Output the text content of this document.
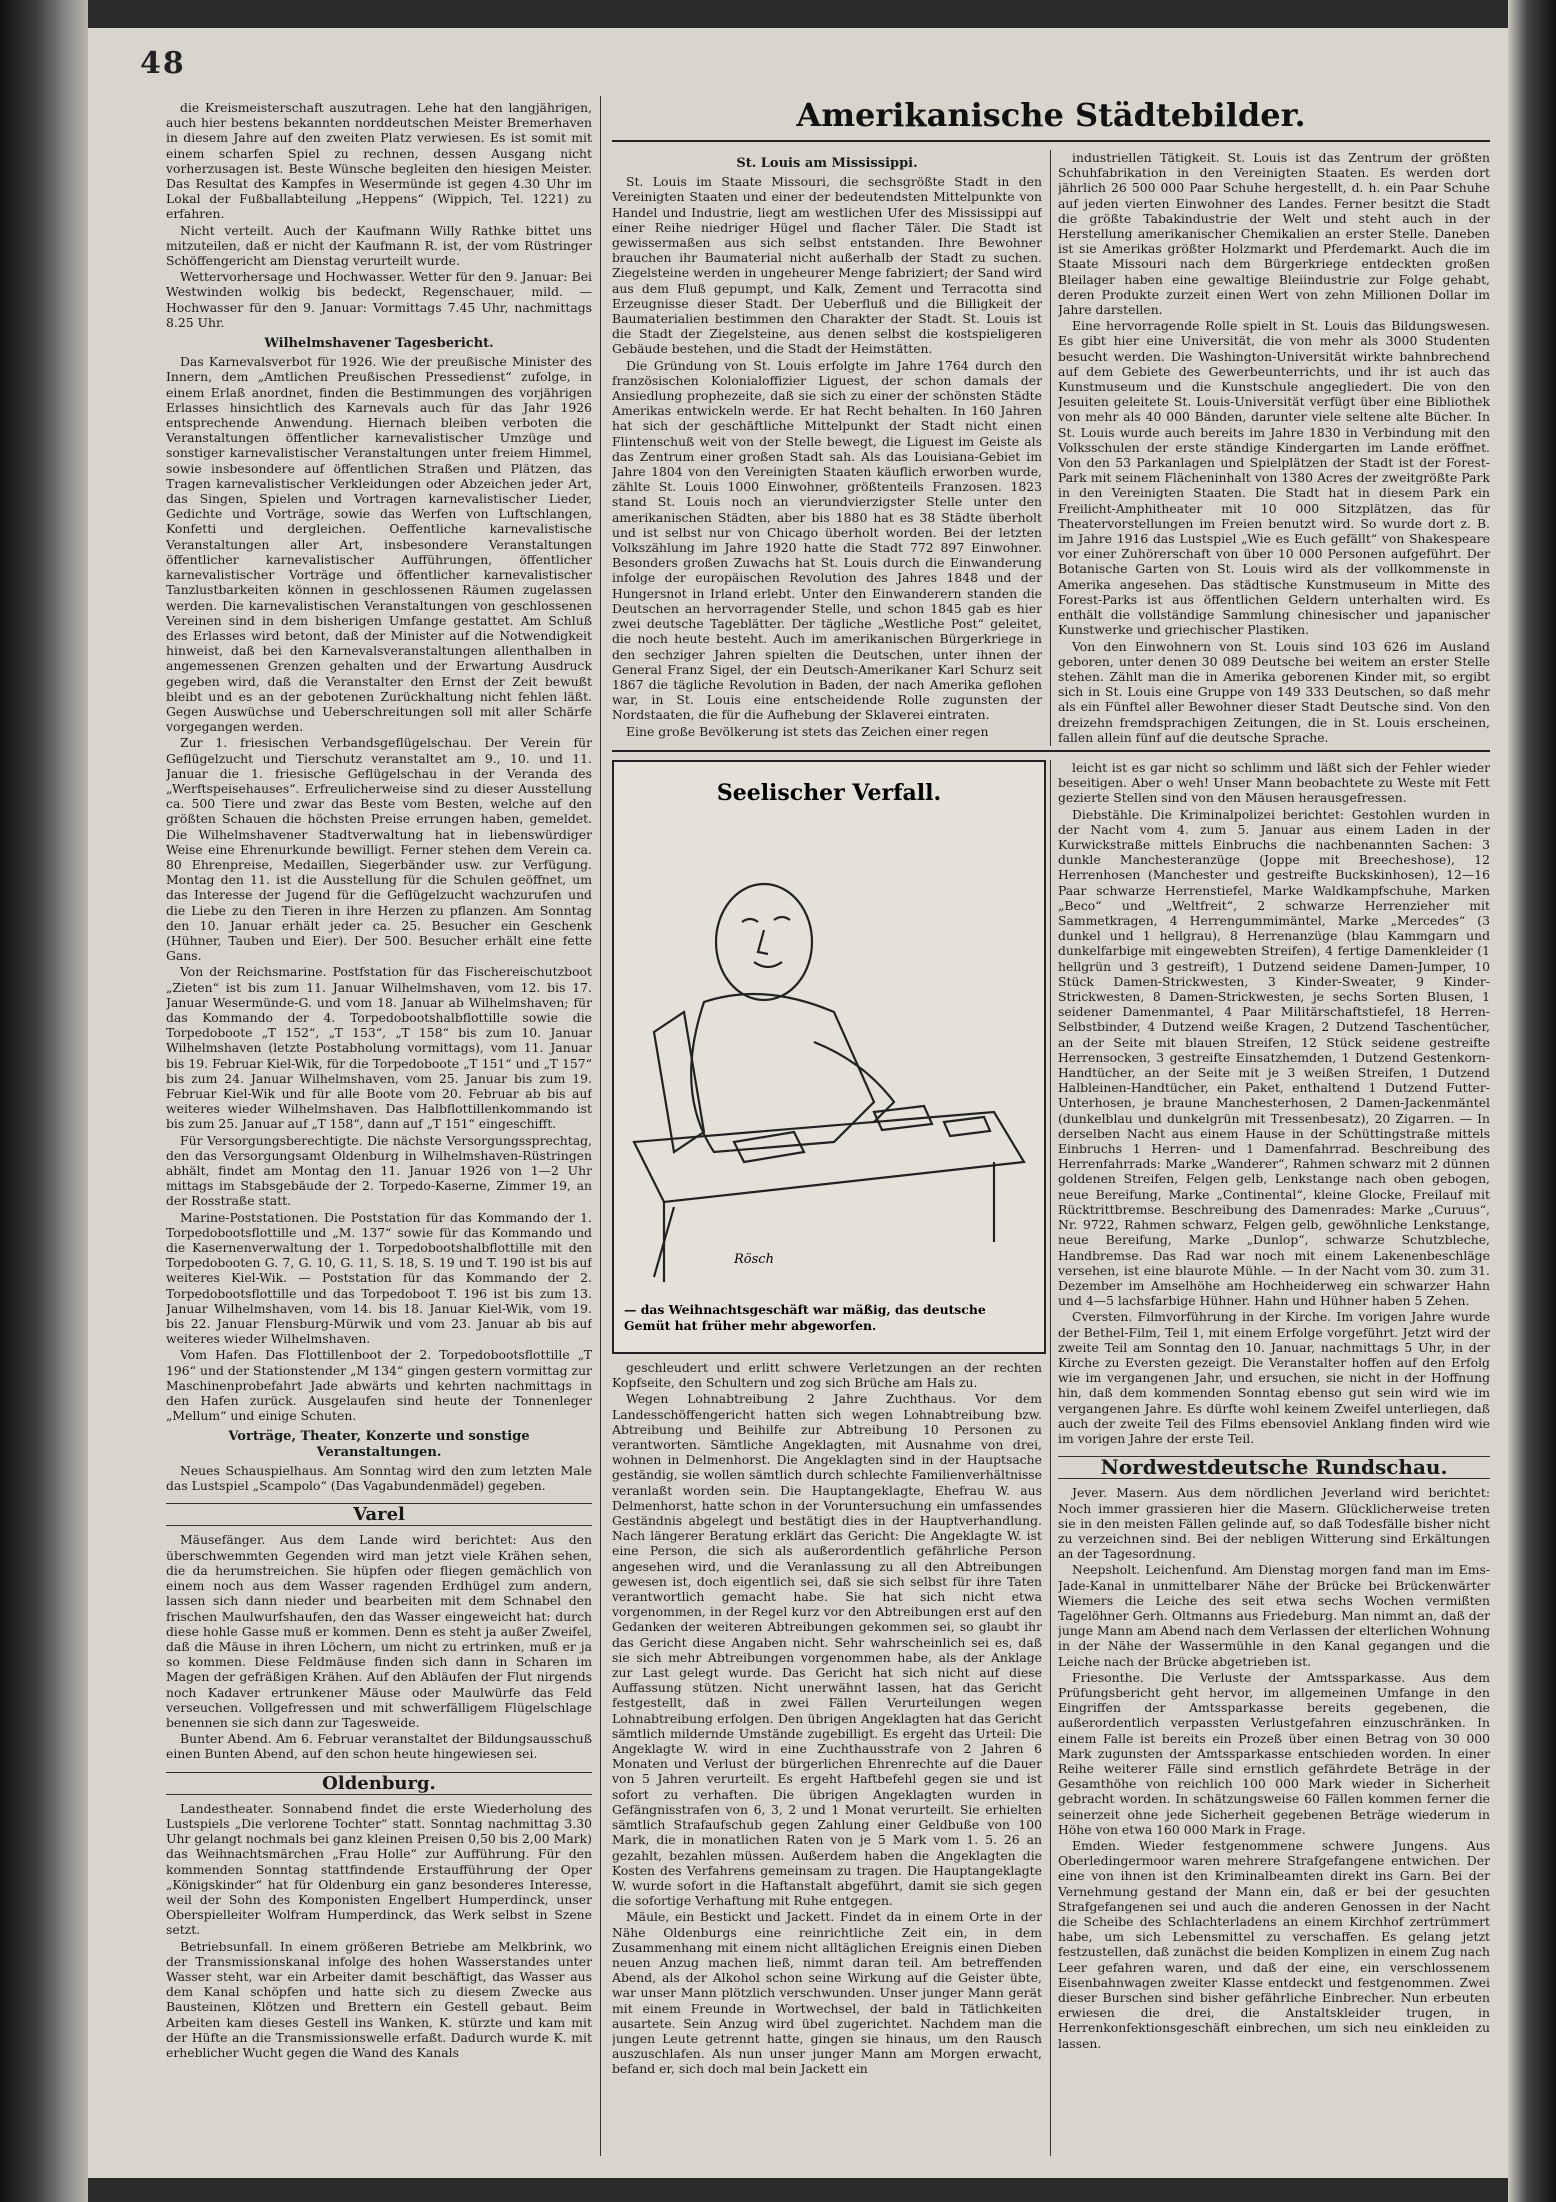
48

die Kreismeisterschaft auszutragen. Lehe hat den langjährigen, auch hier bestens bekannten norddeutschen Meister Bremerhaven in diesem Jahre auf den zweiten Platz verwiesen. Es ist somit mit einem scharfen Spiel zu rechnen, dessen Ausgang nicht vorherzusagen ist. Beste Wünsche begleiten den hiesigen Meister. Das Resultat des Kampfes in Wesermünde ist gegen 4.30 Uhr im Lokal der Fußballabteilung „Heppens“ (Wippich, Tel. 1221) zu erfahren.

Nicht verteilt. Auch der Kaufmann Willy Rathke bittet uns mitzuteilen, daß er nicht der Kaufmann R. ist, der vom Rüstringer Schöffengericht am Dienstag verurteilt wurde.

Wettervorhersage und Hochwasser. Wetter für den 9. Januar: Bei Westwinden wolkig bis bedeckt, Regenschauer, mild. — Hochwasser für den 9. Januar: Vormittags 7.45 Uhr, nachmittags 8.25 Uhr.

Wilhelmshavener Tagesbericht.

Das Karnevalsverbot für 1926. Wie der preußische Minister des Innern, dem „Amtlichen Preußischen Pressedienst“ zufolge, in einem Erlaß anordnet, finden die Bestimmungen des vorjährigen Erlasses hinsichtlich des Karnevals auch für das Jahr 1926 entsprechende Anwendung. Hiernach bleiben verboten die Veranstaltungen öffentlicher karnevalistischer Umzüge und sonstiger karnevalistischer Veranstaltungen unter freiem Himmel, sowie insbesondere auf öffentlichen Straßen und Plätzen, das Tragen karnevalistischer Verkleidungen oder Abzeichen jeder Art, das Singen, Spielen und Vortragen karnevalistischer Lieder, Gedichte und Vorträge, sowie das Werfen von Luftschlangen, Konfetti und dergleichen. Oeffentliche karnevalistische Veranstaltungen aller Art, insbesondere Veranstaltungen öffentlicher karnevalistischer Aufführungen, öffentlicher karnevalistischer Vorträge und öffentlicher karnevalistischer Tanzlustbarkeiten können in geschlossenen Räumen zugelassen werden. Die karnevalistischen Veranstaltungen von geschlossenen Vereinen sind in dem bisherigen Umfange gestattet. Am Schluß des Erlasses wird betont, daß der Minister auf die Notwendigkeit hinweist, daß bei den Karnevalsveranstaltungen allenthalben in angemessenen Grenzen gehalten und der Erwartung Ausdruck gegeben wird, daß die Veranstalter den Ernst der Zeit bewußt bleibt und es an der gebotenen Zurückhaltung nicht fehlen läßt. Gegen Auswüchse und Ueberschreitungen soll mit aller Schärfe vorgegangen werden.

Zur 1. friesischen Verbandsgeflügelschau. Der Verein für Geflügelzucht und Tierschutz veranstaltet am 9., 10. und 11. Januar die 1. friesische Geflügelschau in der Veranda des „Werftspeisehauses“. Erfreulicherweise sind zu dieser Ausstellung ca. 500 Tiere und zwar das Beste vom Besten, welche auf den größten Schauen die höchsten Preise errungen haben, gemeldet. Die Wilhelmshavener Stadtverwaltung hat in liebenswürdiger Weise eine Ehrenurkunde bewilligt. Ferner stehen dem Verein ca. 80 Ehrenpreise, Medaillen, Siegerbänder usw. zur Verfügung. Montag den 11. ist die Ausstellung für die Schulen geöffnet, um das Interesse der Jugend für die Geflügelzucht wachzurufen und die Liebe zu den Tieren in ihre Herzen zu pflanzen. Am Sonntag den 10. Januar erhält jeder ca. 25. Besucher ein Geschenk (Hühner, Tauben und Eier). Der 500. Besucher erhält eine fette Gans.

Von der Reichsmarine. Postfstation für das Fischereischutzboot „Zieten“ ist bis zum 11. Januar Wilhelmshaven, vom 12. bis 17. Januar Wesermünde-G. und vom 18. Januar ab Wilhelmshaven; für das Kommando der 4. Torpedobootshalbflottille sowie die Torpedoboote „T 152“, „T 153“, „T 158“ bis zum 10. Januar Wilhelmshaven (letzte Postabholung vormittags), vom 11. Januar bis 19. Februar Kiel-Wik, für die Torpedoboote „T 151“ und „T 157“ bis zum 24. Januar Wilhelmshaven, vom 25. Januar bis zum 19. Februar Kiel-Wik und für alle Boote vom 20. Februar ab bis auf weiteres wieder Wilhelmshaven. Das Halbflottillenkommando ist bis zum 25. Januar auf „T 158“, dann auf „T 151“ eingeschifft.

Für Versorgungsberechtigte. Die nächste Versorgungssprechtag, den das Versorgungsamt Oldenburg in Wilhelmshaven-Rüstringen abhält, findet am Montag den 11. Januar 1926 von 1—2 Uhr mittags im Stabsgebäude der 2. Torpedo-Kaserne, Zimmer 19, an der Rosstraße statt.

Marine-Poststationen. Die Poststation für das Kommando der 1. Torpedobootsflottille und „M. 137“ sowie für das Kommando und die Kasernenverwaltung der 1. Torpedobootshalbflottille mit den Torpedobooten G. 7, G. 10, G. 11, S. 18, S. 19 und T. 190 ist bis auf weiteres Kiel-Wik. — Poststation für das Kommando der 2. Torpedobootsflottille und das Torpedoboot T. 196 ist bis zum 13. Januar Wilhelmshaven, vom 14. bis 18. Januar Kiel-Wik, vom 19. bis 22. Januar Flensburg-Mürwik und vom 23. Januar ab bis auf weiteres wieder Wilhelmshaven.

Vom Hafen. Das Flottillenboot der 2. Torpedobootsflottille „T 196“ und der Stationstender „M 134“ gingen gestern vormittag zur Maschinenprobefahrt Jade abwärts und kehrten nachmittags in den Hafen zurück. Ausgelaufen sind heute der Tonnenleger „Mellum“ und einige Schuten.

Vorträge, Theater, Konzerte und sonstige Veranstaltungen.

Neues Schauspielhaus. Am Sonntag wird den zum letzten Male das Lustspiel „Scampolo“ (Das Vagabundenmädel) gegeben.

Varel

Mäusefänger. Aus dem Lande wird berichtet: Aus den überschwemmten Gegenden wird man jetzt viele Krähen sehen, die da herumstreichen. Sie hüpfen oder fliegen gemächlich von einem noch aus dem Wasser ragenden Erdhügel zum andern, lassen sich dann nieder und bearbeiten mit dem Schnabel den frischen Maulwurfshaufen, den das Wasser eingeweicht hat: durch diese hohle Gasse muß er kommen. Denn es steht ja außer Zweifel, daß die Mäuse in ihren Löchern, um nicht zu ertrinken, muß er ja so kommen. Diese Feldmäuse finden sich dann in Scharen im Magen der gefräßigen Krähen. Auf den Abläufen der Flut nirgends noch Kadaver ertrunkener Mäuse oder Maulwürfe das Feld verseuchen. Vollgefressen und mit schwerfälligem Flügelschlage benennen sie sich dann zur Tagesweide.

Bunter Abend. Am 6. Februar veranstaltet der Bildungsausschuß einen Bunten Abend, auf den schon heute hingewiesen sei.

Oldenburg.

Landestheater. Sonnabend findet die erste Wiederholung des Lustspiels „Die verlorene Tochter“ statt. Sonntag nachmittag 3.30 Uhr gelangt nochmals bei ganz kleinen Preisen 0,50 bis 2,00 Mark) das Weihnachtsmärchen „Frau Holle“ zur Aufführung. Für den kommenden Sonntag stattfindende Erstaufführung der Oper „Königskinder“ hat für Oldenburg ein ganz besonderes Interesse, weil der Sohn des Komponisten Engelbert Humperdinck, unser Oberspielleiter Wolfram Humperdinck, das Werk selbst in Szene setzt.

Betriebsunfall. In einem größeren Betriebe am Melkbrink, wo der Transmissionskanal infolge des hohen Wasserstandes unter Wasser steht, war ein Arbeiter damit beschäftigt, das Wasser aus dem Kanal schöpfen und hatte sich zu diesem Zwecke aus Bausteinen, Klötzen und Brettern ein Gestell gebaut. Beim Arbeiten kam dieses Gestell ins Wanken, K. stürzte und kam mit der Hüfte an die Transmissionswelle erfaßt. Dadurch wurde K. mit erheblicher Wucht gegen die Wand des Kanals

Amerikanische Städtebilder.
St. Louis am Mississippi.

St. Louis im Staate Missouri, die sechsgrößte Stadt in den Vereinigten Staaten und einer der bedeutendsten Mittelpunkte von Handel und Industrie, liegt am westlichen Ufer des Mississippi auf einer Reihe niedriger Hügel und flacher Täler. Die Stadt ist gewissermaßen aus sich selbst entstanden. Ihre Bewohner brauchen ihr Baumaterial nicht außerhalb der Stadt zu suchen. Ziegelsteine werden in ungeheurer Menge fabriziert; der Sand wird aus dem Fluß gepumpt, und Kalk, Zement und Terracotta sind Erzeugnisse dieser Stadt. Der Ueberfluß und die Billigkeit der Baumaterialien bestimmen den Charakter der Stadt. St. Louis ist die Stadt der Ziegelsteine, aus denen selbst die kostspieligeren Gebäude bestehen, und die Stadt der Heimstätten.

Die Gründung von St. Louis erfolgte im Jahre 1764 durch den französischen Kolonialoffizier Liguest, der schon damals der Ansiedlung prophezeite, daß sie sich zu einer der schönsten Städte Amerikas entwickeln werde. Er hat Recht behalten. In 160 Jahren hat sich der geschäftliche Mittelpunkt der Stadt nicht einen Flintenschuß weit von der Stelle bewegt, die Liguest im Geiste als das Zentrum einer großen Stadt sah. Als das Louisiana-Gebiet im Jahre 1804 von den Vereinigten Staaten käuflich erworben wurde, zählte St. Louis 1000 Einwohner, größtenteils Franzosen. 1823 stand St. Louis noch an vierundvierzigster Stelle unter den amerikanischen Städten, aber bis 1880 hat es 38 Städte überholt und ist selbst nur von Chicago überholt worden. Bei der letzten Volkszählung im Jahre 1920 hatte die Stadt 772 897 Einwohner. Besonders großen Zuwachs hat St. Louis durch die Einwanderung infolge der europäischen Revolution des Jahres 1848 und der Hungersnot in Irland erlebt. Unter den Einwanderern standen die Deutschen an hervorragender Stelle, und schon 1845 gab es hier zwei deutsche Tageblätter. Der tägliche „Westliche Post“ geleitet, die noch heute besteht. Auch im amerikanischen Bürgerkriege in den sechziger Jahren spielten die Deutschen, unter ihnen der General Franz Sigel, der ein Deutsch-Amerikaner Karl Schurz seit 1867 die tägliche Revolution in Baden, der nach Amerika geflohen war, in St. Louis eine entscheidende Rolle zugunsten der Nordstaaten, die für die Aufhebung der Sklaverei eintraten.

Eine große Bevölkerung ist stets das Zeichen einer regen

industriellen Tätigkeit. St. Louis ist das Zentrum der größten Schuhfabrikation in den Vereinigten Staaten. Es werden dort jährlich 26 500 000 Paar Schuhe hergestellt, d. h. ein Paar Schuhe auf jeden vierten Einwohner des Landes. Ferner besitzt die Stadt die größte Tabakindustrie der Welt und steht auch in der Herstellung amerikanischer Chemikalien an erster Stelle. Daneben ist sie Amerikas größter Holzmarkt und Pferdemarkt. Auch die im Staate Missouri nach dem Bürgerkriege entdeckten großen Bleilager haben eine gewaltige Bleiindustrie zur Folge gehabt, deren Produkte zurzeit einen Wert von zehn Millionen Dollar im Jahre darstellen.

Eine hervorragende Rolle spielt in St. Louis das Bildungswesen. Es gibt hier eine Universität, die von mehr als 3000 Studenten besucht werden. Die Washington-Universität wirkte bahnbrechend auf dem Gebiete des Gewerbeunterrichts, und ihr ist auch das Kunstmuseum und die Kunstschule angegliedert. Die von den Jesuiten geleitete St. Louis-Universität verfügt über eine Bibliothek von mehr als 40 000 Bänden, darunter viele seltene alte Bücher. In St. Louis wurde auch bereits im Jahre 1830 in Verbindung mit den Volksschulen der erste ständige Kindergarten im Lande eröffnet. Von den 53 Parkanlagen und Spielplätzen der Stadt ist der Forest-Park mit seinem Flächeninhalt von 1380 Acres der zweitgrößte Park in den Vereinigten Staaten. Die Stadt hat in diesem Park ein Freilicht-Amphitheater mit 10 000 Sitzplätzen, das für Theatervorstellungen im Freien benutzt wird. So wurde dort z. B. im Jahre 1916 das Lustspiel „Wie es Euch gefällt“ von Shakespeare vor einer Zuhörerschaft von über 10 000 Personen aufgeführt. Der Botanische Garten von St. Louis wird als der vollkommenste in Amerika angesehen. Das städtische Kunstmuseum in Mitte des Forest-Parks ist aus öffentlichen Geldern unterhalten wird. Es enthält die vollständige Sammlung chinesischer und japanischer Kunstwerke und griechischer Plastiken.

Von den Einwohnern von St. Louis sind 103 626 im Ausland geboren, unter denen 30 089 Deutsche bei weitem an erster Stelle stehen. Zählt man die in Amerika geborenen Kinder mit, so ergibt sich in St. Louis eine Gruppe von 149 333 Deutschen, so daß mehr als ein Fünftel aller Bewohner dieser Stadt Deutsche sind. Von den dreizehn fremdsprachigen Zeitungen, die in St. Louis erscheinen, fallen allein fünf auf die deutsche Sprache.

Seelischer Verfall.
Rösch
— das Weihnachtsgeschäft war mäßig, das deutsche Gemüt hat früher mehr abgeworfen.

geschleudert und erlitt schwere Verletzungen an der rechten Kopfseite, den Schultern und zog sich Brüche am Hals zu.

Wegen Lohnabtreibung 2 Jahre Zuchthaus. Vor dem Landesschöffengericht hatten sich wegen Lohnabtreibung bzw. Abtreibung und Beihilfe zur Abtreibung 10 Personen zu verantworten. Sämtliche Angeklagten, mit Ausnahme von drei, wohnen in Delmenhorst. Die Angeklagten sind in der Hauptsache geständig, sie wollen sämtlich durch schlechte Familienverhältnisse veranlaßt worden sein. Die Hauptangeklagte, Ehefrau W. aus Delmenhorst, hatte schon in der Voruntersuchung ein umfassendes Geständnis abgelegt und bestätigt dies in der Hauptverhandlung. Nach längerer Beratung erklärt das Gericht: Die Angeklagte W. ist eine Person, die sich als außerordentlich gefährliche Person angesehen wird, und die Veranlassung zu all den Abtreibungen gewesen ist, doch eigentlich sei, daß sie sich selbst für ihre Taten verantwortlich gemacht habe. Sie hat sich nicht etwa vorgenommen, in der Regel kurz vor den Abtreibungen erst auf den Gedanken der weiteren Abtreibungen gekommen sei, so glaubt ihr das Gericht diese Angaben nicht. Sehr wahrscheinlich sei es, daß sie sich mehr Abtreibungen vorgenommen habe, als der Anklage zur Last gelegt wurde. Das Gericht hat sich nicht auf diese Auffassung stützen. Nicht unerwähnt lassen, hat das Gericht festgestellt, daß in zwei Fällen Verurteilungen wegen Lohnabtreibung erfolgen. Den übrigen Angeklagten hat das Gericht sämtlich mildernde Umstände zugebilligt. Es ergeht das Urteil: Die Angeklagte W. wird in eine Zuchthausstrafe von 2 Jahren 6 Monaten und Verlust der bürgerlichen Ehrenrechte auf die Dauer von 5 Jahren verurteilt. Es ergeht Haftbefehl gegen sie und ist sofort zu verhaften. Die übrigen Angeklagten wurden in Gefängnisstrafen von 6, 3, 2 und 1 Monat verurteilt. Sie erhielten sämtlich Strafaufschub gegen Zahlung einer Geldbuße von 100 Mark, die in monatlichen Raten von je 5 Mark vom 1. 5. 26 an gezahlt, bezahlen müssen. Außerdem haben die Angeklagten die Kosten des Verfahrens gemeinsam zu tragen. Die Hauptangeklagte W. wurde sofort in die Haftanstalt abgeführt, damit sie sich gegen die sofortige Verhaftung mit Ruhe entgegen.

Mäule, ein Bestickt und Jackett. Findet da in einem Orte in der Nähe Oldenburgs eine reinrichtliche Zeit ein, in dem Zusammenhang mit einem nicht alltäglichen Ereignis einen Dieben neuen Anzug machen ließ, nimmt daran teil. Am betreffenden Abend, als der Alkohol schon seine Wirkung auf die Geister übte, war unser Mann plötzlich verschwunden. Unser junger Mann gerät mit einem Freunde in Wortwechsel, der bald in Tätlichkeiten ausartete. Sein Anzug wird übel zugerichtet. Nachdem man die jungen Leute getrennt hatte, gingen sie hinaus, um den Rausch auszuschlafen. Als nun unser junger Mann am Morgen erwacht, befand er, sich doch mal bein Jackett ein

leicht ist es gar nicht so schlimm und läßt sich der Fehler wieder beseitigen. Aber o weh! Unser Mann beobachtete zu Weste mit Fett gezierte Stellen sind von den Mäusen herausgefressen.

Diebstähle. Die Kriminalpolizei berichtet: Gestohlen wurden in der Nacht vom 4. zum 5. Januar aus einem Laden in der Kurwickstraße mittels Einbruchs die nachbenannten Sachen: 3 dunkle Manchesteranzüge (Joppe mit Breecheshose), 12 Herrenhosen (Manchester und gestreifte Buckskinhosen), 12—16 Paar schwarze Herrenstiefel, Marke Waldkampfschuhe, Marken „Beco“ und „Weltfreit“, 2 schwarze Herrenzieher mit Sammetkragen, 4 Herrengummimäntel, Marke „Mercedes“ (3 dunkel und 1 hellgrau), 8 Herrenanzüge (blau Kammgarn und dunkelfarbige mit eingewebten Streifen), 4 fertige Damenkleider (1 hellgrün und 3 gestreift), 1 Dutzend seidene Damen-Jumper, 10 Stück Damen-Strickwesten, 3 Kinder-Sweater, 9 Kinder-Strickwesten, 8 Damen-Strickwesten, je sechs Sorten Blusen, 1 seidener Damenmantel, 4 Paar Militärschaftstiefel, 18 Herren-Selbstbinder, 4 Dutzend weiße Kragen, 2 Dutzend Taschentücher, an der Seite mit blauen Streifen, 12 Stück seidene gestreifte Herrensocken, 3 gestreifte Einsatzhemden, 1 Dutzend Gestenkorn-Handtücher, an der Seite mit je 3 weißen Streifen, 1 Dutzend Halbleinen-Handtücher, ein Paket, enthaltend 1 Dutzend Futter-Unterhosen, je braune Manchesterhosen, 2 Damen-Jackenmäntel (dunkelblau und dunkelgrün mit Tressenbesatz), 20 Zigarren. — In derselben Nacht aus einem Hause in der Schüttingstraße mittels Einbruchs 1 Herren- und 1 Damenfahrrad. Beschreibung des Herrenfahrrads: Marke „Wanderer“, Rahmen schwarz mit 2 dünnen goldenen Streifen, Felgen gelb, Lenkstange nach oben gebogen, neue Bereifung, Marke „Continental“, kleine Glocke, Freilauf mit Rücktrittbremse. Beschreibung des Damenrades: Marke „Curuus“, Nr. 9722, Rahmen schwarz, Felgen gelb, gewöhnliche Lenkstange, neue Bereifung, Marke „Dunlop“, schwarze Schutzbleche, Handbremse. Das Rad war noch mit einem Lakenenbeschläge versehen, ist eine blaurote Mühle. — In der Nacht vom 30. zum 31. Dezember im Amselhöhe am Hochheiderweg ein schwarzer Hahn und 4—5 lachsfarbige Hühner. Hahn und Hühner haben 5 Zehen.

Cversten. Filmvorführung in der Kirche. Im vorigen Jahre wurde der Bethel-Film, Teil 1, mit einem Erfolge vorgeführt. Jetzt wird der zweite Teil am Sonntag den 10. Januar, nachmittags 5 Uhr, in der Kirche zu Eversten gezeigt. Die Veranstalter hoffen auf den Erfolg wie im vergangenen Jahr, und ersuchen, sie nicht in der Hoffnung hin, daß dem kommenden Sonntag ebenso gut sein wird wie im vergangenen Jahre. Es dürfte wohl keinem Zweifel unterliegen, daß auch der zweite Teil des Films ebensoviel Anklang finden wird wie im vorigen Jahre der erste Teil.

Nordwestdeutsche Rundschau.

Jever. Masern. Aus dem nördlichen Jeverland wird berichtet: Noch immer grassieren hier die Masern. Glücklicherweise treten sie in den meisten Fällen gelinde auf, so daß Todesfälle bisher nicht zu verzeichnen sind. Bei der nebligen Witterung sind Erkältungen an der Tagesordnung.

Neepsholt. Leichenfund. Am Dienstag morgen fand man im Ems-Jade-Kanal in unmittelbarer Nähe der Brücke bei Brückenwärter Wiemers die Leiche des seit etwa sechs Wochen vermißten Tagelöhner Gerh. Oltmanns aus Friedeburg. Man nimmt an, daß der junge Mann am Abend nach dem Verlassen der elterlichen Wohnung in der Nähe der Wassermühle in den Kanal gegangen und die Leiche nach der Brücke abgetrieben ist.

Friesonthe. Die Verluste der Amtssparkasse. Aus dem Prüfungsbericht geht hervor, im allgemeinen Umfange in den Eingriffen der Amtssparkasse bereits gegebenen, die außerordentlich verpassten Verlustgefahren einzuschränken. In einem Falle ist bereits ein Prozeß über einen Betrag von 30 000 Mark zugunsten der Amtssparkasse entschieden worden. In einer Reihe weiterer Fälle sind ernstlich gefährdete Beträge in der Gesamthöhe von reichlich 100 000 Mark wieder in Sicherheit gebracht worden. In schätzungsweise 60 Fällen kommen ferner die seinerzeit ohne jede Sicherheit gegebenen Beträge wiederum in Höhe von etwa 160 000 Mark in Frage.

Emden. Wieder festgenommene schwere Jungens. Aus Oberledingermoor waren mehrere Strafgefangene entwichen. Der eine von ihnen ist den Kriminalbeamten direkt ins Garn. Bei der Vernehmung gestand der Mann ein, daß er bei der gesuchten Strafgefangenen sei und auch die anderen Genossen in der Nacht die Scheibe des Schlachterladens an einem Kirchhof zertrümmert habe, um sich Lebensmittel zu verschaffen. Es gelang jetzt festzustellen, daß zunächst die beiden Komplizen in einem Zug nach Leer gefahren waren, und daß der eine, ein verschlossenem Eisenbahnwagen zweiter Klasse entdeckt und festgenommen. Zwei dieser Burschen sind bisher gefährliche Einbrecher. Nun erbeuten erwiesen die drei, die Anstaltskleider trugen, in Herrenkonfektionsgeschäft einbrechen, um sich neu einkleiden zu lassen.
